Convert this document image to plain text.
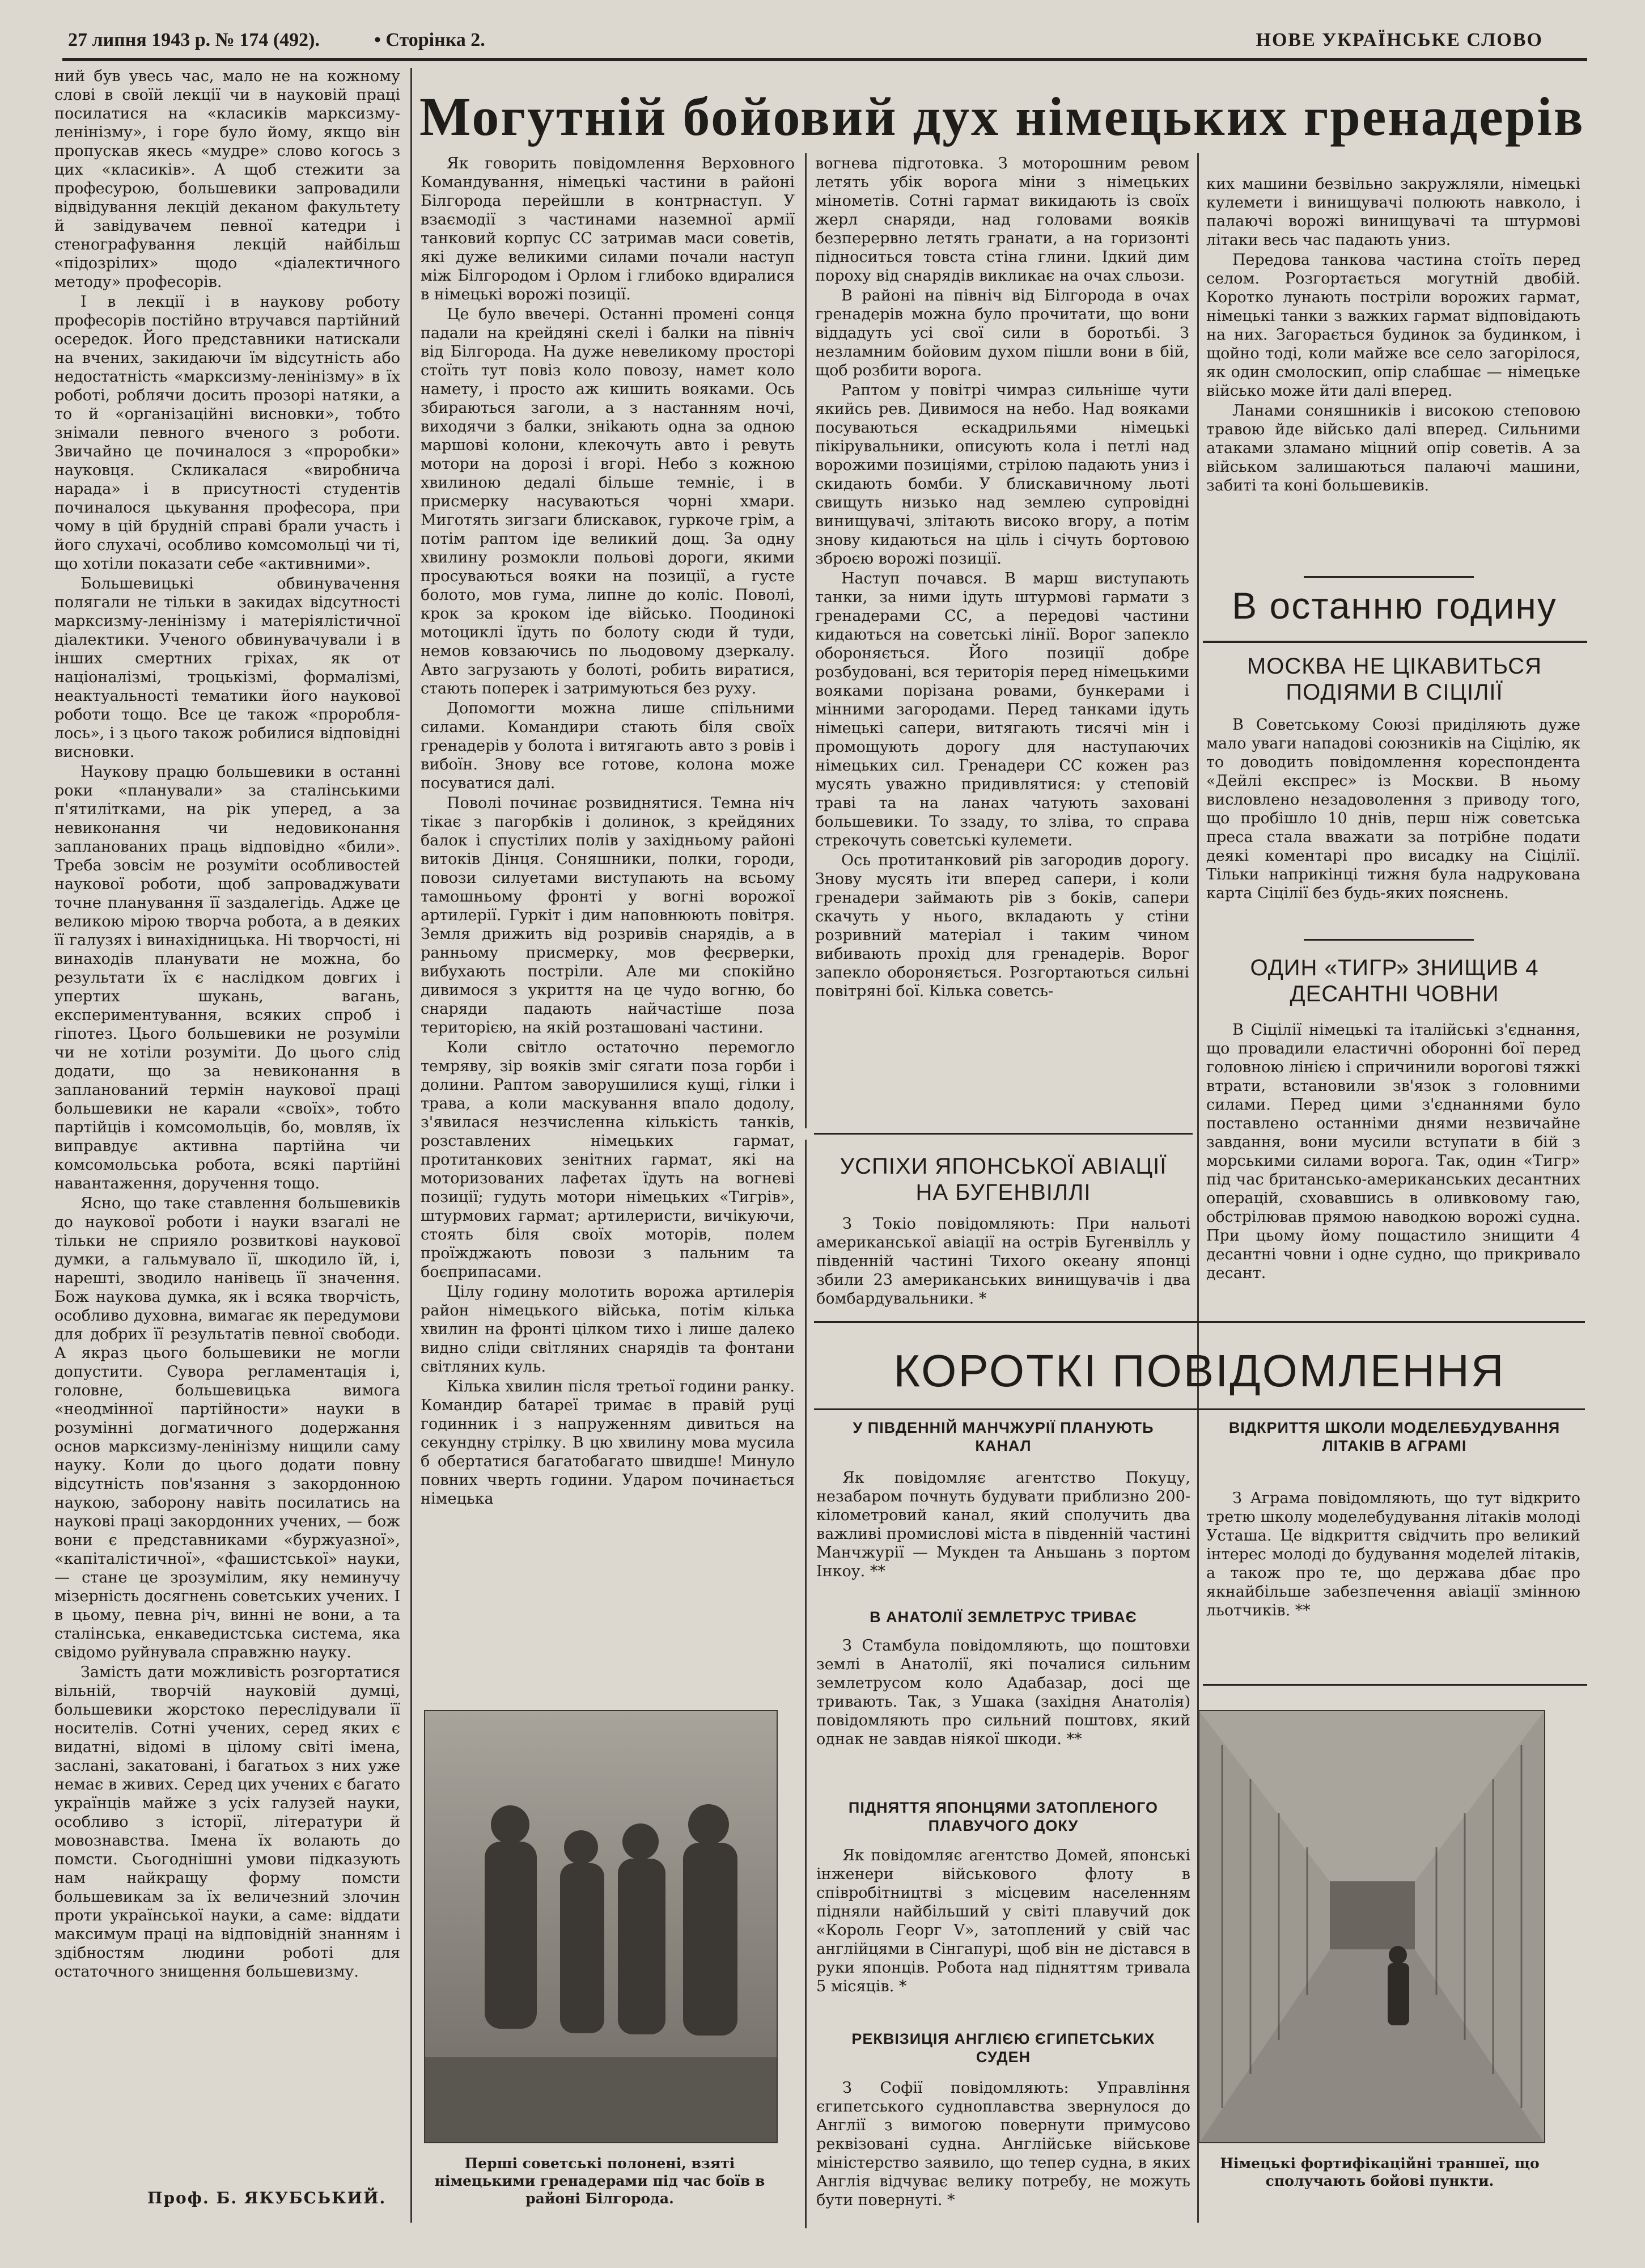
27 липня 1943 р. № 174 (492).	• Сторінка 2.	НОВЕ УКРАЇНСЬКЕ СЛОВО

ний був увесь час, мало не на кожному слові в своїй лекції чи в науковій праці посилатися на «класиків марксизму-ленінізму», і горе було йому, якщо він пропускав якесь «мудре» слово когось з цих «класиків». А щоб стежити за професурою, большевики запровадили відвідування лекцій деканом факультету й завідувачем певної катедри і стенографування лекцій найбільш «підозрілих» щодо «діалектичного методу» професорів.

І в лекції і в наукову роботу професорів постійно втручався партійний осередок. Його представники натискали на вчених, закидаючи їм відсутність або недостатність «марксизму-ленінізму» в їх роботі, роблячи досить прозорі натяки, а то й «організаційні висновки», тобто знімали певного вченого з роботи. Звичайно це починалося з «проробки» науковця. Скликалася «виробнича нарада» і в присутності студентів починалося цькування професора, при чому в цій брудній справі брали участь і його слухачі, особливо комсомольці чи ті, що хотіли показати себе «активними».

Большевицькі обвинувачення полягали не тільки в закидах відсутності марксизму-ленінізму і матеріялістичної діалектики. Ученого обвинувачували і в інших смертних гріхах, як от націоналізмі, троцькізмі, формалізмі, неактуальності тематики його наукової роботи тощо. Все це також «пророблялось», і з цього також робилися відповідні висновки.

Наукову працю большевики в останні роки «планували» за сталінськими п'ятилітками, на рік уперед, а за невиконання чи недовиконання запланованих праць відповідно «били». Треба зовсім не розуміти особливостей наукової роботи, щоб запроваджувати точне планування її заздалегідь. Адже це великою мірою творча робота, а в деяких її галузях і винахідницька. Ні творчості, ні винаходів планувати не можна, бо результати їх є наслідком довгих і упертих шукань, вагань, експериментування, всяких спроб і гіпотез. Цього большевики не розуміли чи не хотіли розуміти. До цього слід додати, що за невиконання в запланований термін наукової праці большевики не карали «своїх», тобто партійців і комсомольців, бо, мовляв, їх виправдує активна партійна чи комсомольська робота, всякі партійні навантаження, доручення тощо.

Ясно, що таке ставлення большевиків до наукової роботи і науки взагалі не тільки не сприяло розвиткові наукової думки, а гальмувало її, шкодило їй, і, нарешті, зводило нанівець її значення. Бож наукова думка, як і всяка творчість, особливо духовна, вимагає як передумови для добрих її результатів певної свободи. А якраз цього большевики не могли допустити. Сувора регламентація і, головне, большевицька вимога «неодмінної партійности» науки в розумінні догматичного додержання основ марксизму-ленінізму нищили саму науку. Коли до цього додати повну відсутність пов'язання з закордонною наукою, заборону навіть посилатись на наукові праці закордонних учених, — бож вони є представниками «буржуазної», «капіталістичної», «фашистської» науки, — стане це зрозумілим, яку неминучу мізерність досягнень советських учених. І в цьому, певна річ, винні не вони, а та сталінська, енкаведистська система, яка свідомо руйнувала справжню науку.

Замість дати можливість розгортатися вільній, творчій науковій думці, большевики жорстоко переслідували її носителів. Сотні учених, серед яких є видатні, відомі в цілому світі імена, заслані, закатовані, і багатьох з них уже немає в живих. Серед цих учених є багато українців майже з усіх галузей науки, особливо з історії, літератури й мовознавства. Імена їх волають до помсти. Сьогоднішні умови підказують нам найкращу форму помсти большевикам за їх величезний злочин проти української науки, а саме: віддати максимум праці на відповідній знанням і здібностям людини роботі для остаточного знищення большевизму.

Проф. Б. ЯКУБСЬКИЙ.
Могутній бойовий дух німецьких гренадерів

Як говорить повідомлення Верховного Командування, німецькі частини в районі Білгорода перейшли в контрнаступ. У взаємодії з частинами наземної армії танковий корпус СС затримав маси советів, які дуже великими силами почали наступ між Білгородом і Орлом і глибоко вдиралися в німецькі ворожі позиції.

Це було ввечері. Останні промені сонця падали на крейдяні скелі і балки на північ від Білгорода. На дуже невеликому просторі стоїть тут повіз коло повозу, намет коло намету, і просто аж кишить вояками. Ось збираються заголи, а з настанням ночі, виходячи з балки, знikaють одна за одною маршові колони, клекочуть авто і ревуть мотори на дорозі і вгорі. Небо з кожною хвилиною дедалі більше темніє, і в присмерку насуваються чорні хмари. Миготять зигзаги блискавок, гуркоче грім, а потім раптом іде великий дощ. За одну хвилину розмокли польові дороги, якими просуваються вояки на позиції, а густе болото, мов гума, липне до коліс. Повoлі, крок за кроком іде військо. Поодинокі мотоциклі їдуть по болоту сюди й туди, немов ковзаючись по льодовому дзеркалу. Авто загрузають у болоті, робить виратися, стають поперек і затримуються без руху.

Допомогти можна лише спільними силами. Командири стають біля своїх гренадерів у болота і витягають авто з ровів і вибоїн. Знову все готове, колона може посуватися далі.

Повoлі починає розвиднятися. Темна ніч тікає з пагорбків і долинок, з крейдяних балок і спустілих полів у західньому районі витоків Дінця. Соняшники, полки, городи, повози силуетами виступають на всьому тамошньому фронті у вогні ворожої артилерії. Гуркіт і дим наповнюють повітря. Земля дрижить від розривів снарядів, а в ранньому присмерку, мов феєрверки, вибухають постріли. Але ми спокійно дивимося з укриття на це чудо вогню, бо снаряди падають найчастіше поза територією, на якій розташовані частини.

Коли світло остаточно перемогло темряву, зір вояків зміг сягати поза горби і долини. Раптом заворушилися кущі, гілки і трава, а коли маскування впало додолу, з'явилася незчисленна кількість танків, розставлених німецьких гармат, протитанкових зенітних гармат, які на моторизованих лафетах їдуть на вогневі позиції; гудуть мотори німецьких «Тигрів», штурмових гармат; артилеристи, вичікуючи, стоять біля своїх моторів, полем проїжджають повози з пальним та боєприпасами.

Цілу годину молотить ворожа артилерія район німецького війська, потім кілька хвилин на фронті цілком тихо і лише далеко видно сліди світляних снарядів та фонтани світляних куль.

Кілька хвилин після третьої години ранку. Командир батареї тримає в правій руці годинник і з напруженням дивиться на секундну стрілку. В цю хвилину мова мусила б обертатися багатобагато швидше! Минуло повних чверть години. Ударом починається німецька

вогнева підготовка. З моторошним ревом летять убік ворога міни з німецьких мінометів. Сотні гармат викидають із своїх жерл снаряди, над головами вояків безперервно летять гранати, а на горизонті підноситься товста стіна глини. Ідкий дим пороху від снарядів викликає на очах сльози.

В районі на північ від Білгорода в очах гренадерів можна було прочитати, що вони віддадуть усі свої сили в боротьбі. З незламним бойовим духом пішли вони в бій, щоб розбити ворога.

Раптом у повітрі чимраз сильніше чути якийсь рев. Дивимося на небо. Над вояками посуваються ескадрильями німецькі пікірувальники, описують кола і петлі над ворожими позиціями, стрілою падають униз і скидають бомби. У блискавичному льоті свищуть низько над землею супровідні винищувачі, злітають високо вгору, а потім знову кидаються на ціль і січуть бортовою зброєю ворожі позиції.

Наступ почався. В марш виступають танки, за ними ідуть штурмові гармати з гренадерами СС, а передові частини кидаються на советські лінії. Ворог запекло обороняється. Його позиції добре розбудовані, вся територія перед німецькими вояками порізана ровами, бункерами і мінними загородами. Перед танками ідуть німецькі сапери, витягають тисячі мін і промощують дорогу для наступаючих німецьких сил. Гренадери СС кожен раз мусять уважно придивлятися: у степовій траві та на ланах чатують заховані большевики. То ззаду, то зліва, то справа стрекочуть советські кулемети.

Ось протитанковий рів загородив дорогу. Знову мусять іти вперед сапери, і коли гренадери займають рів з боків, сапери скачуть у нього, вкладають у стіни розривний матеріал і таким чином вибивають прохід для гренадерів. Ворог запекло обороняється. Розгортаються сильні повітряні бої. Кілька советсь-

ких машини безвільно закружляли, німецькі кулемети і винищувачі полюють навколо, і палаючі ворожі винищувачі та штурмові літаки весь час падають униз.

Передова танкова частина стоїть перед селом. Розгортається могутній двобій. Коротко лунають постріли ворожих гармат, німецькі танки з важких гармат відповідають на них. Загорається будинок за будинком, і щойно тоді, коли майже все село загорілося, як один смолоскип, опір слабшає — німецьке військо може йти далі вперед.

Ланами соняшників і високою степовою травою йде військо далі вперед. Сильними атаками зламано міцний опір советів. А за військом залишаються палаючі машини, забиті та коні большевиків.

Перші советські полонені, взяті німецькими гренадерами під час боїв в районі Білгорода.
УСПІХИ ЯПОНСЬКОЇ АВІАЦІЇ
НА БУГЕНВІЛЛІ

З Токіо повідомляють: При нальоті американської авіації на острів Бугенвілль у південній частині Тихого океану японці збили 23 американських винищувачів і два бомбардувальники. *

В останню годину
МОСКВА НЕ ЦІКАВИТЬСЯ ПОДІЯМИ В СІЦІЛІЇ

В Советському Союзі приділяють дуже мало уваги нападові союзників на Сіцілію, як то доводить повідомлення кореспондента «Дейлі експрес» із Москви. В ньому висловлено незадоволення з приводу того, що пробішло 10 днів, перш ніж советська преса стала вважати за потрібне подати деякі коментарі про висадку на Сіцілії. Тільки наприкінці тижня була надрукована карта Сіцілії без будь-яких пояснень.

ОДИН «ТИГР» ЗНИЩИВ 4 ДЕСАНТНІ ЧОВНИ

В Сіцілії німецькі та італійські з'єднання, що провадили еластичні оборонні бої перед головною лінією і спричинили ворогові тяжкі втрати, встановили зв'язок з головними силами. Перед цими з'єднаннями було поставлено останніми днями незвичайне завдання, вони мусили вступати в бій з морськими силами ворога. Так, один «Тигр» під час британсько-американських десантних операцій, сховавшись в оливковому гаю, обстрілював прямою наводкою ворожі судна. При цьому йому пощастило знищити 4 десантні човни і одне судно, що прикривало десант.

КОРОТКІ ПОВІДОМЛЕННЯ
У ПІВДЕННІЙ МАНЧЖУРІЇ ПЛАНУЮТЬ КАНАЛ

Як повідомляє агентство Покуцу, незабаром почнуть будувати приблизно 200-кілометровий канал, який сполучить два важливі промислові міста в південній частині Манчжурії — Мукден та Аньшань з портом Інкоу. **

В АНАТОЛІЇ ЗЕМЛЕТРУС ТРИВАЄ

З Стамбула повідомляють, що поштовхи землі в Анатолії, які почалися сильним землетрусом коло Адабазар, досі ще тривають. Так, з Ушака (західня Анатолія) повідомляють про сильний поштовх, який однак не завдав ніякої шкоди. **

ПІДНЯТТЯ ЯПОНЦЯМИ ЗАТОПЛЕНОГО ПЛАВУЧОГО ДОКУ

Як повідомляє агентство Домей, японські інженери військового флоту в співробітництві з місцевим населенням підняли найбільший у світі плавучий док «Король Георг V», затоплений у свій час англійцями в Сінгапурі, щоб він не дістався в руки японців. Робота над підняттям тривала 5 місяців. *

РЕКВІЗИЦІЯ АНГЛІЄЮ ЄГИПЕТСЬКИХ СУДЕН

З Софії повідомляють: Управління єгипетського судноплавства звернулося до Англії з вимогою повернути примусово реквізовані судна. Англійське військове міністерство заявило, що тепер судна, в яких Англія відчуває велику потребу, не можуть бути повернуті. *

ВІДКРИТТЯ ШКОЛИ МОДЕЛЕБУДУВАННЯ ЛІТАКІВ В АГРАМІ

З Аграма повідомляють, що тут відкрито третю школу моделебудування літаків молоді Усташа. Це відкриття свідчить про великий інтерес молоді до будування моделей літаків, а також про те, що держава дбає про якнайбільше забезпечення авіації змінною льотчиків. **

Німецькі фортифікаційні траншеї, що сполучають бойові пункти.
